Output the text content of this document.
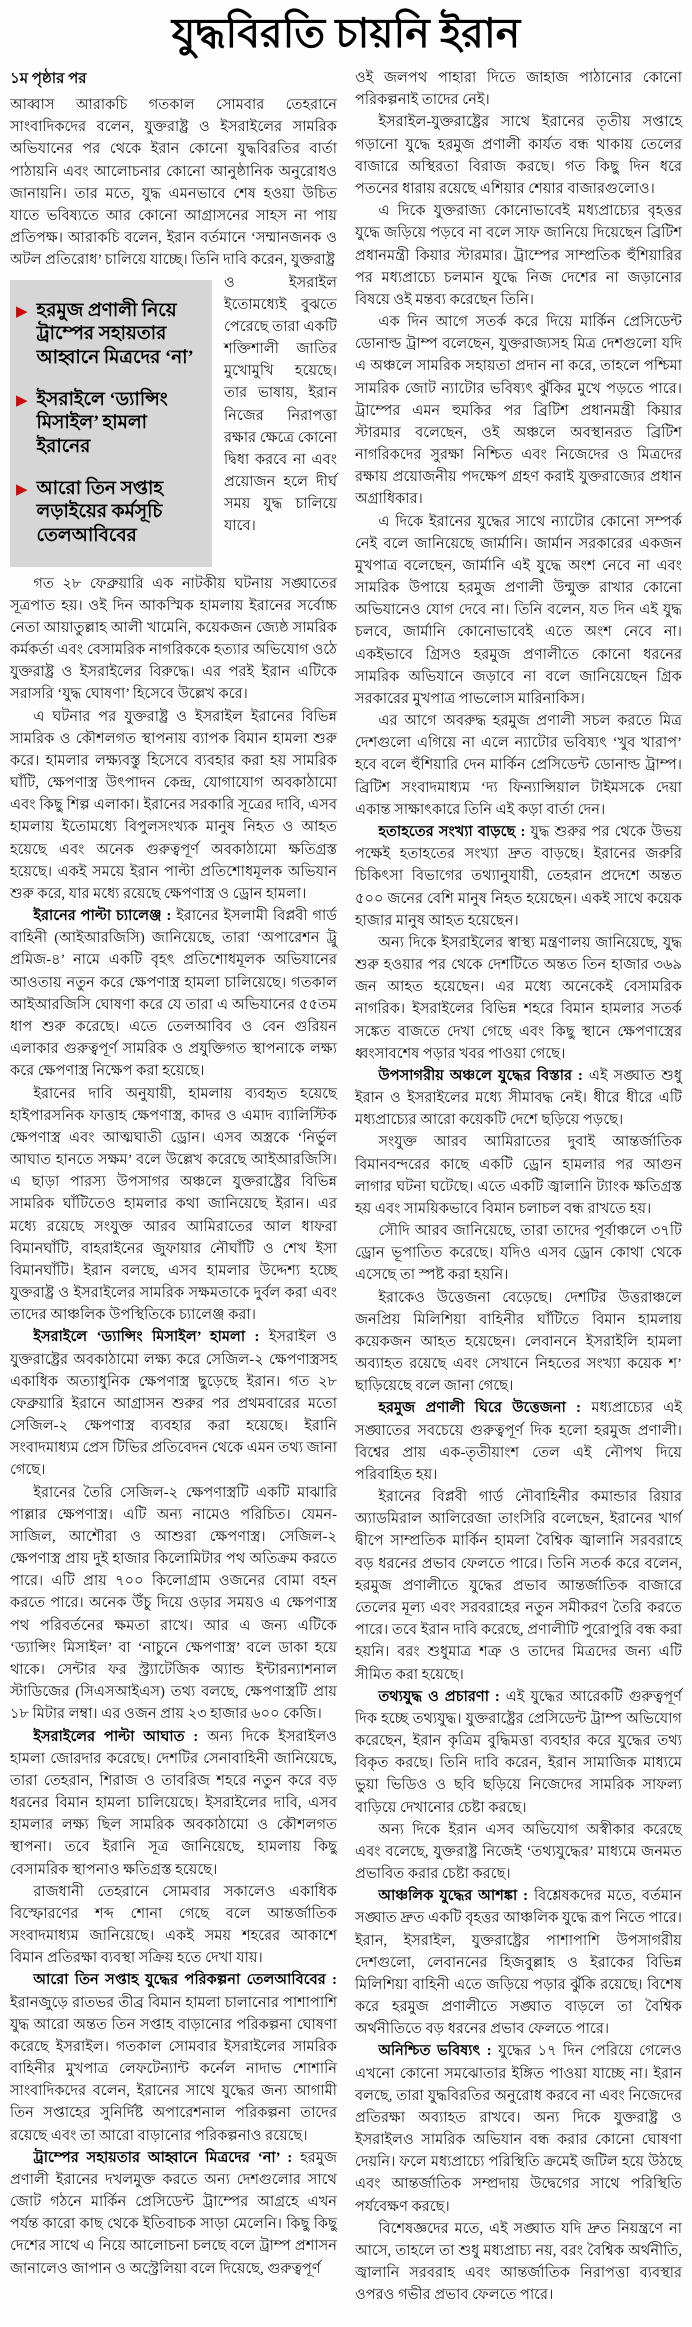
যুদ্ধবিরতি চায়নি ইরান
১ম পৃষ্ঠার পর

আব্বাস আরাকচি গতকাল সোমবার তেহরানে সাংবাদিকদের বলেন, যুক্তরাষ্ট্র ও ইসরাইলের সামরিক অভিযানের পর থেকে ইরান কোনো যুদ্ধবিরতির বার্তা পাঠায়নি এবং আলোচনার কোনো আনুষ্ঠানিক অনুরোধও জানায়নি। তার মতে, যুদ্ধ এমনভাবে শেষ হওয়া উচিত যাতে ভবিষ্যতে আর কোনো আগ্রাসনের সাহস না পায় প্রতিপক্ষ। আরাকচি বলেন, ইরান বর্তমানে ‘সম্মানজনক ও অটল প্রতিরোধ’ চালিয়ে যাচ্ছে। তিনি দাবি করেন, যুক্তরাষ্ট্র

▶ হরমুজ প্রণালী নিয়ে ট্রাম্পের সহায়তার আহ্বানে মিত্রদের ‘না’
▶ ইসরাইলে ‘ড্যান্সিং মিসাইল’ হামলা ইরানের
▶ আরো তিন সপ্তাহ লড়াইয়ের কর্মসূচি তেলআবিবের

ও ইসরাইল ইতোমধ্যেই বুঝতে পেরেছে তারা একটি শক্তিশালী জাতির মুখোমুখি হয়েছে। তার ভাষায়, ইরান নিজের নিরাপত্তা রক্ষার ক্ষেত্রে কোনো দ্বিধা করবে না এবং প্রয়োজন হলে দীর্ঘ সময় যুদ্ধ চালিয়ে যাবে।

গত ২৮ ফেব্রুয়ারি এক নাটকীয় ঘটনায় সঙ্ঘাতের সূত্রপাত হয়। ওই দিন আকস্মিক হামলায় ইরানের সর্বোচ্চ নেতা আয়াতুল্লাহ আলী খামেনি, কয়েকজন জ্যেষ্ঠ সামরিক কর্মকর্তা এবং বেসামরিক নাগরিককে হত্যার অভিযোগ ওঠে যুক্তরাষ্ট্র ও ইসরাইলের বিরুদ্ধে। এর পরই ইরান এটিকে সরাসরি ‘যুদ্ধ ঘোষণা’ হিসেবে উল্লেখ করে।

এ ঘটনার পর যুক্তরাষ্ট্র ও ইসরাইল ইরানের বিভিন্ন সামরিক ও কৌশলগত স্থাপনায় ব্যাপক বিমান হামলা শুরু করে। হামলার লক্ষ্যবস্তু হিসেবে ব্যবহার করা হয় সামরিক ঘাঁটি, ক্ষেপণাস্ত্র উৎপাদন কেন্দ্র, যোগাযোগ অবকাঠামো এবং কিছু শিল্প এলাকা। ইরানের সরকারি সূত্রের দাবি, এসব হামলায় ইতোমধ্যে বিপুলসংখ্যক মানুষ নিহত ও আহত হয়েছে এবং অনেক গুরুত্বপূর্ণ অবকাঠামো ক্ষতিগ্রস্ত হয়েছে। একই সময়ে ইরান পাল্টা প্রতিশোধমূলক অভিযান শুরু করে, যার মধ্যে রয়েছে ক্ষেপণাস্ত্র ও ড্রোন হামলা।

ইরানের পাল্টা চ্যালেঞ্জ : ইরানের ইসলামী বিপ্লবী গার্ড বাহিনী (আইআরজিসি) জানিয়েছে, তারা ‘অপারেশন ট্রু প্রমিজ-৪’ নামে একটি বৃহৎ প্রতিশোধমূলক অভিযানের আওতায় নতুন করে ক্ষেপণাস্ত্র হামলা চালিয়েছে। গতকাল আইআরজিসি ঘোষণা করে যে তারা এ অভিযানের ৫৫তম ধাপ শুরু করেছে। এতে তেলআবিব ও বেন গুরিয়ন এলাকার গুরুত্বপূর্ণ সামরিক ও প্রযুক্তিগত স্থাপনাকে লক্ষ্য করে ক্ষেপণাস্ত্র নিক্ষেপ করা হয়েছে।

ইরানের দাবি অনুযায়ী, হামলায় ব্যবহৃত হয়েছে হাইপারসনিক ফাত্তাহ ক্ষেপণাস্ত্র, কাদর ও এমাদ ব্যালিস্টিক ক্ষেপণাস্ত্র এবং আত্মঘাতী ড্রোন। এসব অস্ত্রকে ‘নির্ভুল আঘাত হানতে সক্ষম’ বলে উল্লেখ করেছে আইআরজিসি। এ ছাড়া পারস্য উপসাগর অঞ্চলে যুক্তরাষ্ট্রের বিভিন্ন সামরিক ঘাঁটিতেও হামলার কথা জানিয়েছে ইরান। এর মধ্যে রয়েছে সংযুক্ত আরব আমিরাতের আল ধাফরা বিমানঘাঁটি, বাহরাইনের জুফায়ার নৌঘাঁটি ও শেখ ইসা বিমানঘাঁটি। ইরান বলছে, এসব হামলার উদ্দেশ্য হচ্ছে যুক্তরাষ্ট্র ও ইসরাইলের সামরিক সক্ষমতাকে দুর্বল করা এবং তাদের আঞ্চলিক উপস্থিতিকে চ্যালেঞ্জ করা।

ইসরাইলে ‘ড্যান্সিং মিসাইল’ হামলা : ইসরাইল ও যুক্তরাষ্ট্রের অবকাঠামো লক্ষ্য করে সেজিল-২ ক্ষেপণাস্ত্রসহ একাধিক অত্যাধুনিক ক্ষেপণাস্ত্র ছুড়েছে ইরান। গত ২৮ ফেব্রুয়ারি ইরানে আগ্রাসন শুরুর পর প্রথমবারের মতো সেজিল-২ ক্ষেপণাস্ত্র ব্যবহার করা হয়েছে। ইরানি সংবাদমাধ্যম প্রেস টিভির প্রতিবেদন থেকে এমন তথ্য জানা গেছে।

ইরানের তৈরি সেজিল-২ ক্ষেপণাস্ত্রটি একটি মাঝারি পাল্লার ক্ষেপণাস্ত্র। এটি অন্য নামেও পরিচিত। যেমন- সাজিল, আশৌরা ও আশুরা ক্ষেপণাস্ত্র। সেজিল-২ ক্ষেপণাস্ত্র প্রায় দুই হাজার কিলোমিটার পথ অতিক্রম করতে পারে। এটি প্রায় ৭০০ কিলোগ্রাম ওজনের বোমা বহন করতে পারে। অনেক উঁচু দিয়ে ওড়ার সময়ও এ ক্ষেপণাস্ত্র পথ পরিবর্তনের ক্ষমতা রাখে। আর এ জন্য এটিকে ‘ড্যান্সিং মিসাইল’ বা ‘নাচুনে ক্ষেপণাস্ত্র’ বলে ডাকা হয়ে থাকে। সেন্টার ফর স্ট্র্যাটেজিক অ্যান্ড ইন্টারন্যাশনাল স্টাডিজের (সিএসআইএস) তথ্য বলছে, ক্ষেপণাস্ত্রটি প্রায় ১৮ মিটার লম্বা। এর ওজন প্রায় ২৩ হাজার ৬০০ কেজি।

ইসরাইলের পাল্টা আঘাত : অন্য দিকে ইসরাইলও হামলা জোরদার করেছে। দেশটির সেনাবাহিনী জানিয়েছে, তারা তেহরান, শিরাজ ও তাবরিজ শহরে নতুন করে বড় ধরনের বিমান হামলা চালিয়েছে। ইসরাইলের দাবি, এসব হামলার লক্ষ্য ছিল সামরিক অবকাঠামো ও কৌশলগত স্থাপনা। তবে ইরানি সূত্র জানিয়েছে, হামলায় কিছু বেসামরিক স্থাপনাও ক্ষতিগ্রস্ত হয়েছে।

রাজধানী তেহরানে সোমবার সকালেও একাধিক বিস্ফোরণের শব্দ শোনা গেছে বলে আন্তর্জাতিক সংবাদমাধ্যম জানিয়েছে। একই সময় শহরের আকাশে বিমান প্রতিরক্ষা ব্যবস্থা সক্রিয় হতে দেখা যায়।

আরো তিন সপ্তাহ যুদ্ধের পরিকল্পনা তেলআবিবের : ইরানজুড়ে রাতভর তীব্র বিমান হামলা চালানোর পাশাপাশি যুদ্ধ আরো অন্তত তিন সপ্তাহ বাড়ানোর পরিকল্পনা ঘোষণা করেছে ইসরাইল। গতকাল সোমবার ইসরাইলের সামরিক বাহিনীর মুখপাত্র লেফটেন্যান্ট কর্নেল নাদাভ শোশানি সাংবাদিকদের বলেন, ইরানের সাথে যুদ্ধের জন্য আগামী তিন সপ্তাহের সুনির্দিষ্ট অপারেশনাল পরিকল্পনা তাদের রয়েছে এবং তা আরো বাড়ানোর পরিকল্পনাও রয়েছে।

ট্রাম্পের সহায়তার আহ্বানে মিত্রদের ‘না’ : হরমুজ প্রণালী ইরানের দখলমুক্ত করতে অন্য দেশগুলোর সাথে জোট গঠনে মার্কিন প্রেসিডেন্ট ট্রাম্পের আগ্রহে এখন পর্যন্ত কারো কাছ থেকে ইতিবাচক সাড়া মেলেনি। কিছু কিছু দেশের সাথে এ নিয়ে আলোচনা চলছে বলে ট্রাম্প প্রশাসন জানালেও জাপান ও অস্ট্রেলিয়া বলে দিয়েছে, গুরুত্বপূর্ণ

ওই জলপথ পাহারা দিতে জাহাজ পাঠানোর কোনো পরিকল্পনাই তাদের নেই।

ইসরাইল-যুক্তরাষ্ট্রের সাথে ইরানের তৃতীয় সপ্তাহে গড়ানো যুদ্ধে হরমুজ প্রণালী কার্যত বন্ধ থাকায় তেলের বাজারে অস্থিরতা বিরাজ করছে। গত কিছু দিন ধরে পতনের ধারায় রয়েছে এশিয়ার শেয়ার বাজারগুলোও।

এ দিকে যুক্তরাজ্য কোনোভাবেই মধ্যপ্রাচ্যের বৃহত্তর যুদ্ধে জড়িয়ে পড়বে না বলে সাফ জানিয়ে দিয়েছেন ব্রিটিশ প্রধানমন্ত্রী কিয়ার স্টারমার। ট্রাম্পের সাম্প্রতিক হুঁশিয়ারির পর মধ্যপ্রাচ্যে চলমান যুদ্ধে নিজ দেশের না জড়ানোর বিষয়ে ওই মন্তব্য করেছেন তিনি।

এক দিন আগে সতর্ক করে দিয়ে মার্কিন প্রেসিডেন্ট ডোনাল্ড ট্রাম্প বলেছেন, যুক্তরাজ্যসহ মিত্র দেশগুলো যদি এ অঞ্চলে সামরিক সহায়তা প্রদান না করে, তাহলে পশ্চিমা সামরিক জোট ন্যাটোর ভবিষ্যৎ ঝুঁকির মুখে পড়তে পারে। ট্রাম্পের এমন হুমকির পর ব্রিটিশ প্রধানমন্ত্রী কিয়ার স্টারমার বলেছেন, ওই অঞ্চলে অবস্থানরত ব্রিটিশ নাগরিকদের সুরক্ষা নিশ্চিত এবং নিজেদের ও মিত্রদের রক্ষায় প্রয়োজনীয় পদক্ষেপ গ্রহণ করাই যুক্তরাজ্যের প্রধান অগ্রাধিকার।

এ দিকে ইরানের যুদ্ধের সাথে ন্যাটোর কোনো সম্পর্ক নেই বলে জানিয়েছে জার্মানি। জার্মান সরকারের একজন মুখপাত্র বলেছেন, জার্মানি এই যুদ্ধে অংশ নেবে না এবং সামরিক উপায়ে হরমুজ প্রণালী উন্মুক্ত রাখার কোনো অভিযানেও যোগ দেবে না। তিনি বলেন, যত দিন এই যুদ্ধ চলবে, জার্মানি কোনোভাবেই এতে অংশ নেবে না। একইভাবে গ্রিসও হরমুজ প্রণালীতে কোনো ধরনের সামরিক অভিযানে জড়াবে না বলে জানিয়েছেন গ্রিক সরকারের মুখপাত্র পাভলোস মারিনাকিস।

এর আগে অবরুদ্ধ হরমুজ প্রণালী সচল করতে মিত্র দেশগুলো এগিয়ে না এলে ন্যাটোর ভবিষ্যৎ ‘খুব খারাপ’ হবে বলে হুঁশিয়ারি দেন মার্কিন প্রেসিডেন্ট ডোনাল্ড ট্রাম্প। ব্রিটিশ সংবাদমাধ্যম ‘দ্য ফিন্যান্সিয়াল টাইমসকে দেয়া একান্ত সাক্ষাৎকারে তিনি এই কড়া বার্তা দেন।

হতাহতের সংখ্যা বাড়ছে : যুদ্ধ শুরুর পর থেকে উভয় পক্ষেই হতাহতের সংখ্যা দ্রুত বাড়ছে। ইরানের জরুরি চিকিৎসা বিভাগের তথ্যানুযায়ী, তেহরান প্রদেশে অন্তত ৫০০ জনের বেশি মানুষ নিহত হয়েছেন। একই সাথে কয়েক হাজার মানুষ আহত হয়েছেন।

অন্য দিকে ইসরাইলের স্বাস্থ্য মন্ত্রণালয় জানিয়েছে, যুদ্ধ শুরু হওয়ার পর থেকে দেশটিতে অন্তত তিন হাজার ৩৬৯ জন আহত হয়েছেন। এর মধ্যে অনেকেই বেসামরিক নাগরিক। ইসরাইলের বিভিন্ন শহরে বিমান হামলার সতর্ক সঙ্কেত বাজতে দেখা গেছে এবং কিছু স্থানে ক্ষেপণাস্ত্রের ধ্বংসাবশেষ পড়ার খবর পাওয়া গেছে।

উপসাগরীয় অঞ্চলে যুদ্ধের বিস্তার : এই সঙ্ঘাত শুধু ইরান ও ইসরাইলের মধ্যে সীমাবদ্ধ নেই। ধীরে ধীরে এটি মধ্যপ্রাচ্যের আরো কয়েকটি দেশে ছড়িয়ে পড়ছে।

সংযুক্ত আরব আমিরাতের দুবাই আন্তর্জাতিক বিমানবন্দরের কাছে একটি ড্রোন হামলার পর আগুন লাগার ঘটনা ঘটেছে। এতে একটি জ্বালানি ট্যাংক ক্ষতিগ্রস্ত হয় এবং সাময়িকভাবে বিমান চলাচল বন্ধ রাখতে হয়।

সৌদি আরব জানিয়েছে, তারা তাদের পূর্বাঞ্চলে ৩৭টি ড্রোন ভূপাতিত করেছে। যদিও এসব ড্রোন কোথা থেকে এসেছে তা স্পষ্ট করা হয়নি।

ইরাকেও উত্তেজনা বেড়েছে। দেশটির উত্তরাঞ্চলে জনপ্রিয় মিলিশিয়া বাহিনীর ঘাঁটিতে বিমান হামলায় কয়েকজন আহত হয়েছেন। লেবাননে ইসরাইলি হামলা অব্যাহত রয়েছে এবং সেখানে নিহতের সংখ্যা কয়েক শ’ ছাড়িয়েছে বলে জানা গেছে।

হরমুজ প্রণালী ঘিরে উত্তেজনা : মধ্যপ্রাচ্যের এই সঙ্ঘাতের সবচেয়ে গুরুত্বপূর্ণ দিক হলো হরমুজ প্রণালী। বিশ্বের প্রায় এক-তৃতীয়াংশ তেল এই নৌপথ দিয়ে পরিবাহিত হয়।

ইরানের বিপ্লবী গার্ড নৌবাহিনীর কমান্ডার রিয়ার অ্যাডমিরাল আলিরেজা তাংসিরি বলেছেন, ইরানের খার্গ দ্বীপে সাম্প্রতিক মার্কিন হামলা বৈশ্বিক জ্বালানি সরবরাহে বড় ধরনের প্রভাব ফেলতে পারে। তিনি সতর্ক করে বলেন, হরমুজ প্রণালীতে যুদ্ধের প্রভাব আন্তর্জাতিক বাজারে তেলের মূল্য এবং সরবরাহের নতুন সমীকরণ তৈরি করতে পারে। তবে ইরান দাবি করেছে, প্রণালীটি পুরোপুরি বন্ধ করা হয়নি। বরং শুধুমাত্র শত্রু ও তাদের মিত্রদের জন্য এটি সীমিত করা হয়েছে।

তথ্যযুদ্ধ ও প্রচারণা : এই যুদ্ধের আরেকটি গুরুত্বপূর্ণ দিক হচ্ছে তথ্যযুদ্ধ। যুক্তরাষ্ট্রের প্রেসিডেন্ট ট্রাম্প অভিযোগ করেছেন, ইরান কৃত্রিম বুদ্ধিমত্তা ব্যবহার করে যুদ্ধের তথ্য বিকৃত করছে। তিনি দাবি করেন, ইরান সামাজিক মাধ্যমে ভুয়া ভিডিও ও ছবি ছড়িয়ে নিজেদের সামরিক সাফল্য বাড়িয়ে দেখানোর চেষ্টা করছে।

অন্য দিকে ইরান এসব অভিযোগ অস্বীকার করেছে এবং বলেছে, যুক্তরাষ্ট্র নিজেই ‘তথ্যযুদ্ধের’ মাধ্যমে জনমত প্রভাবিত করার চেষ্টা করছে।

আঞ্চলিক যুদ্ধের আশঙ্কা : বিশ্লেষকদের মতে, বর্তমান সঙ্ঘাত দ্রুত একটি বৃহত্তর আঞ্চলিক যুদ্ধে রূপ নিতে পারে। ইরান, ইসরাইল, যুক্তরাষ্ট্রের পাশাপাশি উপসাগরীয় দেশগুলো, লেবাননের হিজবুল্লাহ ও ইরাকের বিভিন্ন মিলিশিয়া বাহিনী এতে জড়িয়ে পড়ার ঝুঁকি রয়েছে। বিশেষ করে হরমুজ প্রণালীতে সঙ্ঘাত বাড়লে তা বৈশ্বিক অর্থনীতিতে বড় ধরনের প্রভাব ফেলতে পারে।

অনিশ্চিত ভবিষ্যৎ : যুদ্ধের ১৭ দিন পেরিয়ে গেলেও এখনো কোনো সমঝোতার ইঙ্গিত পাওয়া যাচ্ছে না। ইরান বলছে, তারা যুদ্ধবিরতির অনুরোধ করবে না এবং নিজেদের প্রতিরক্ষা অব্যাহত রাখবে। অন্য দিকে যুক্তরাষ্ট্র ও ইসরাইলও সামরিক অভিযান বন্ধ করার কোনো ঘোষণা দেয়নি। ফলে মধ্যপ্রাচ্যে পরিস্থিতি ক্রমেই জটিল হয়ে উঠছে এবং আন্তর্জাতিক সম্প্রদায় উদ্বেগের সাথে পরিস্থিতি পর্যবেক্ষণ করছে।

বিশেষজ্ঞদের মতে, এই সঙ্ঘাত যদি দ্রুত নিয়ন্ত্রণে না আসে, তাহলে তা শুধু মধ্যপ্রাচ্য নয়, বরং বৈশ্বিক অর্থনীতি, জ্বালানি সরবরাহ এবং আন্তর্জাতিক নিরাপত্তা ব্যবস্থার ওপরও গভীর প্রভাব ফেলতে পারে।
